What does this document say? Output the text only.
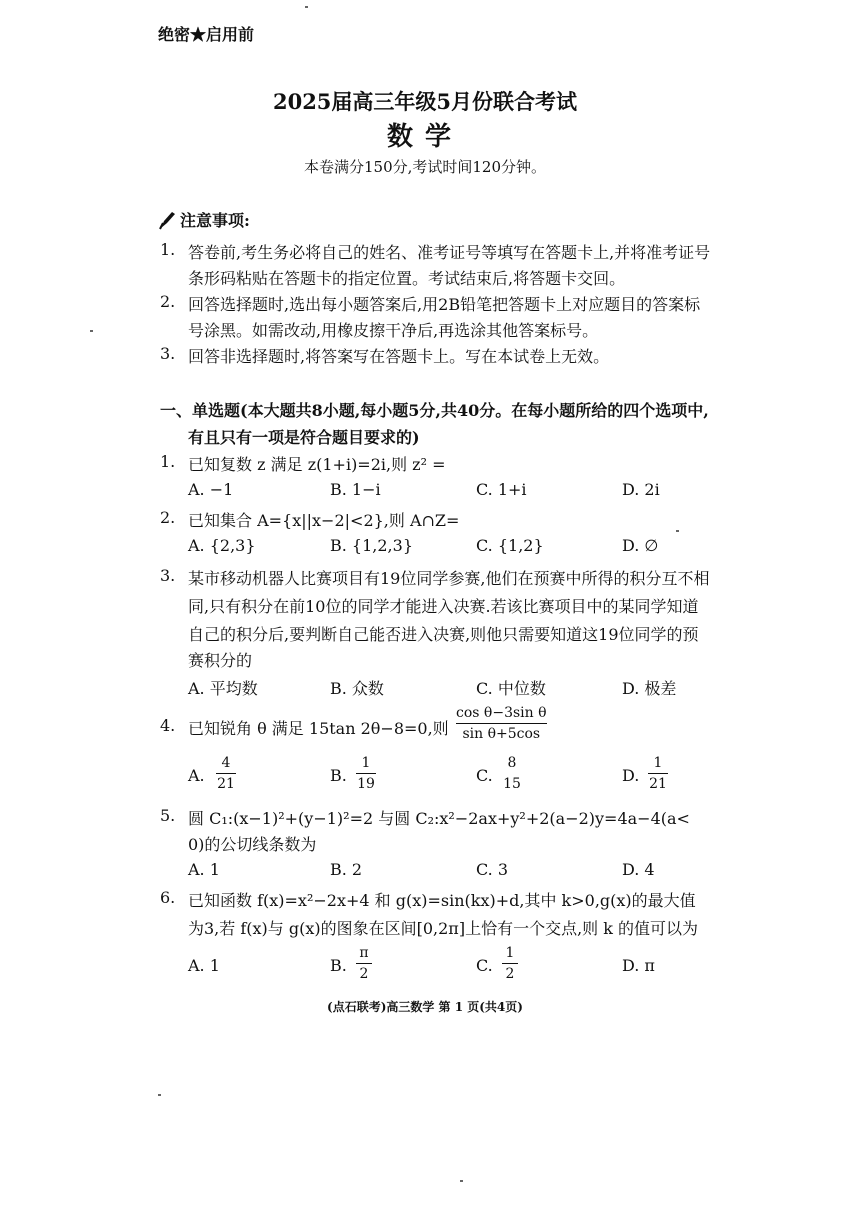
绝密★启用前
2025届高三年级5月份联合考试
数学
本卷满分150分,考试时间120分钟。
注意事项:
1. 答卷前,考生务必将自己的姓名、准考证号等填写在答题卡上,并将准考证号
条形码粘贴在答题卡的指定位置。考试结束后,将答题卡交回。
2. 回答选择题时,选出每小题答案后,用2B铅笔把答题卡上对应题目的答案标
号涂黑。如需改动,用橡皮擦干净后,再选涂其他答案标号。
3. 回答非选择题时,将答案写在答题卡上。写在本试卷上无效。
一、单选题(本大题共8小题,每小题5分,共40分。在每小题所给的四个选项中,
有且只有一项是符合题目要求的)
1. 已知复数 z 满足 z(1+i)=2i,则 z² =
A. −1	B. 1−i	C. 1+i	D. 2i
2. 已知集合 A={x||x−2|<2},则 A∩Z=
A. {2,3}	B. {1,2,3}	C. {1,2}	D. ∅
3. 某市移动机器人比赛项目有19位同学参赛,他们在预赛中所得的积分互不相
同,只有积分在前10位的同学才能进入决赛.若该比赛项目中的某同学知道
自己的积分后,要判断自己能否进入决赛,则他只需要知道这19位同学的预
赛积分的
A. 平均数	B. 众数	C. 中位数	D. 极差
4. 已知锐角 θ 满足 15tan 2θ−8=0,则
cos θ−3sin θ
sin θ+5cos
A.
4
21	B.
1
19	C.
8
15	D.
1
21
5. 圆 C₁:(x−1)²+(y−1)²=2 与圆 C₂:x²−2ax+y²+2(a−2)y=4a−4(a<
0)的公切线条数为
A. 1	B. 2	C. 3	D. 4
6. 已知函数 f(x)=x²−2x+4 和 g(x)=sin(kx)+d,其中 k>0,g(x)的最大值
为3,若 f(x)与 g(x)的图象在区间[0,2π]上恰有一个交点,则 k 的值可以为
A. 1	B.
π
2	C.
1
2	D. π
(点石联考)高三数学 第 1 页(共4页)
